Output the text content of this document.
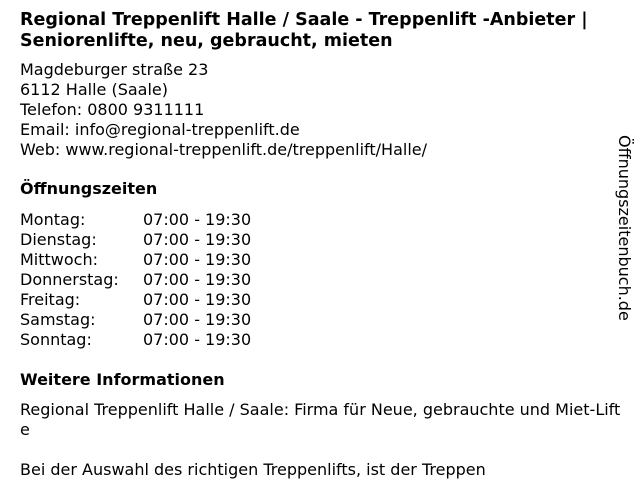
Regional Treppenlift Halle / Saale - Treppenlift -Anbieter | Seniorenlifte, neu, gebraucht, mieten
Magdeburger straße 23
6112 Halle (Saale)
Telefon: 0800 9311111
Email: info@regional-treppenlift.de
Web: www.regional-treppenlift.de/treppenlift/Halle/
Öffnungszeiten
Montag:	07:00 - 19:30
Dienstag:	07:00 - 19:30
Mittwoch:	07:00 - 19:30
Donnerstag:	07:00 - 19:30
Freitag:	07:00 - 19:30
Samstag:	07:00 - 19:30
Sonntag:	07:00 - 19:30
Weitere Informationen
Regional Treppenlift Halle / Saale: Firma für Neue, gebrauchte und Miet-Lifte
Bei der Auswahl des richtigen Treppenlifts, ist der Treppen
Öffnungszeitenbuch.de
